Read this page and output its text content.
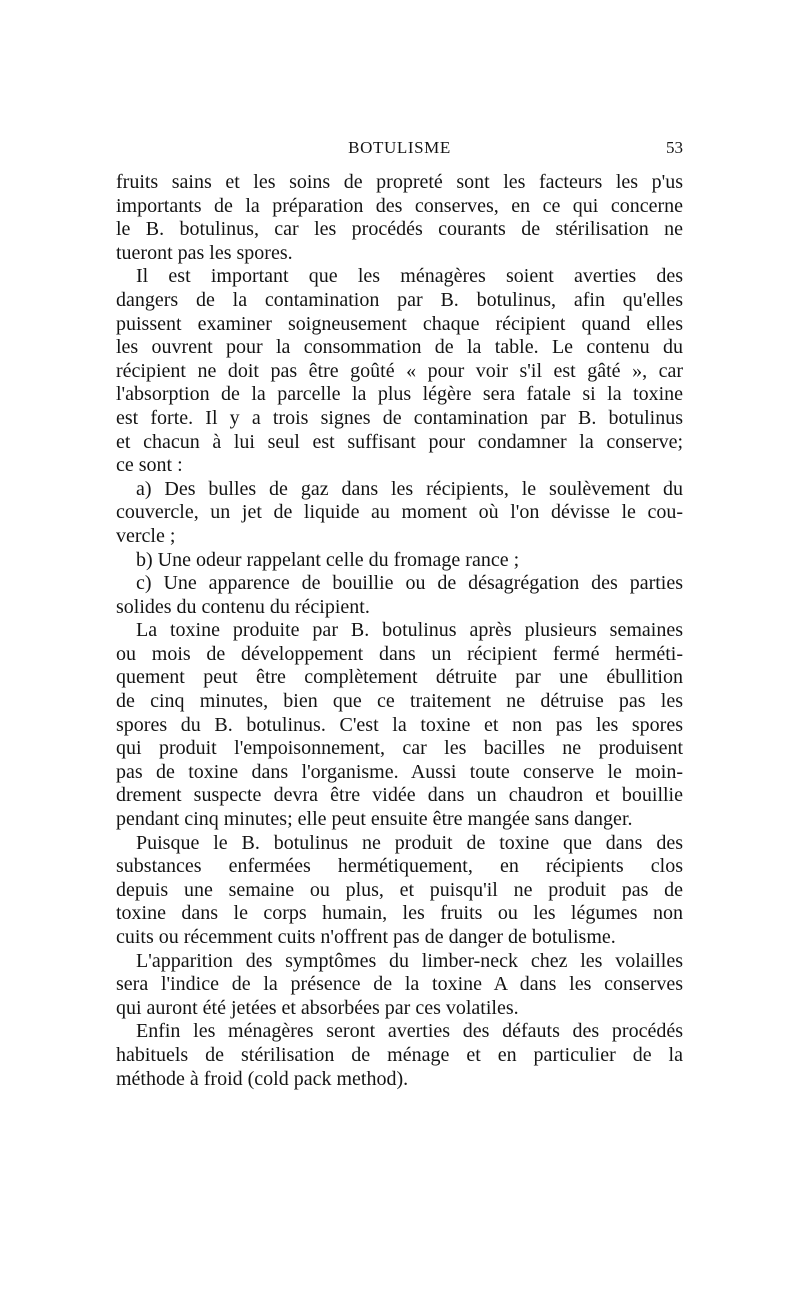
BOTULISME	53
fruits sains et les soins de propreté sont les facteurs les p'us
importants de la préparation des conserves, en ce qui concerne
le B. botulinus, car les procédés courants de stérilisation ne
tueront pas les spores.
Il est important que les ménagères soient averties des
dangers de la contamination par B. botulinus, afin qu'elles
puissent examiner soigneusement chaque récipient quand elles
les ouvrent pour la consommation de la table. Le contenu du
récipient ne doit pas être goûté « pour voir s'il est gâté », car
l'absorption de la parcelle la plus légère sera fatale si la toxine
est forte. Il y a trois signes de contamination par B. botulinus
et chacun à lui seul est suffisant pour condamner la conserve;
ce sont :
a) Des bulles de gaz dans les récipients, le soulèvement du
couvercle, un jet de liquide au moment où l'on dévisse le cou-
vercle ;
b) Une odeur rappelant celle du fromage rance ;
c) Une apparence de bouillie ou de désagrégation des parties
solides du contenu du récipient.
La toxine produite par B. botulinus après plusieurs semaines
ou mois de développement dans un récipient fermé herméti-
quement peut être complètement détruite par une ébullition
de cinq minutes, bien que ce traitement ne détruise pas les
spores du B. botulinus. C'est la toxine et non pas les spores
qui produit l'empoisonnement, car les bacilles ne produisent
pas de toxine dans l'organisme. Aussi toute conserve le moin-
drement suspecte devra être vidée dans un chaudron et bouillie
pendant cinq minutes; elle peut ensuite être mangée sans danger.
Puisque le B. botulinus ne produit de toxine que dans des
substances enfermées hermétiquement, en récipients clos
depuis une semaine ou plus, et puisqu'il ne produit pas de
toxine dans le corps humain, les fruits ou les légumes non
cuits ou récemment cuits n'offrent pas de danger de botulisme.
L'apparition des symptômes du limber-neck chez les volailles
sera l'indice de la présence de la toxine A dans les conserves
qui auront été jetées et absorbées par ces volatiles.
Enfin les ménagères seront averties des défauts des procédés
habituels de stérilisation de ménage et en particulier de la
méthode à froid (cold pack method).
